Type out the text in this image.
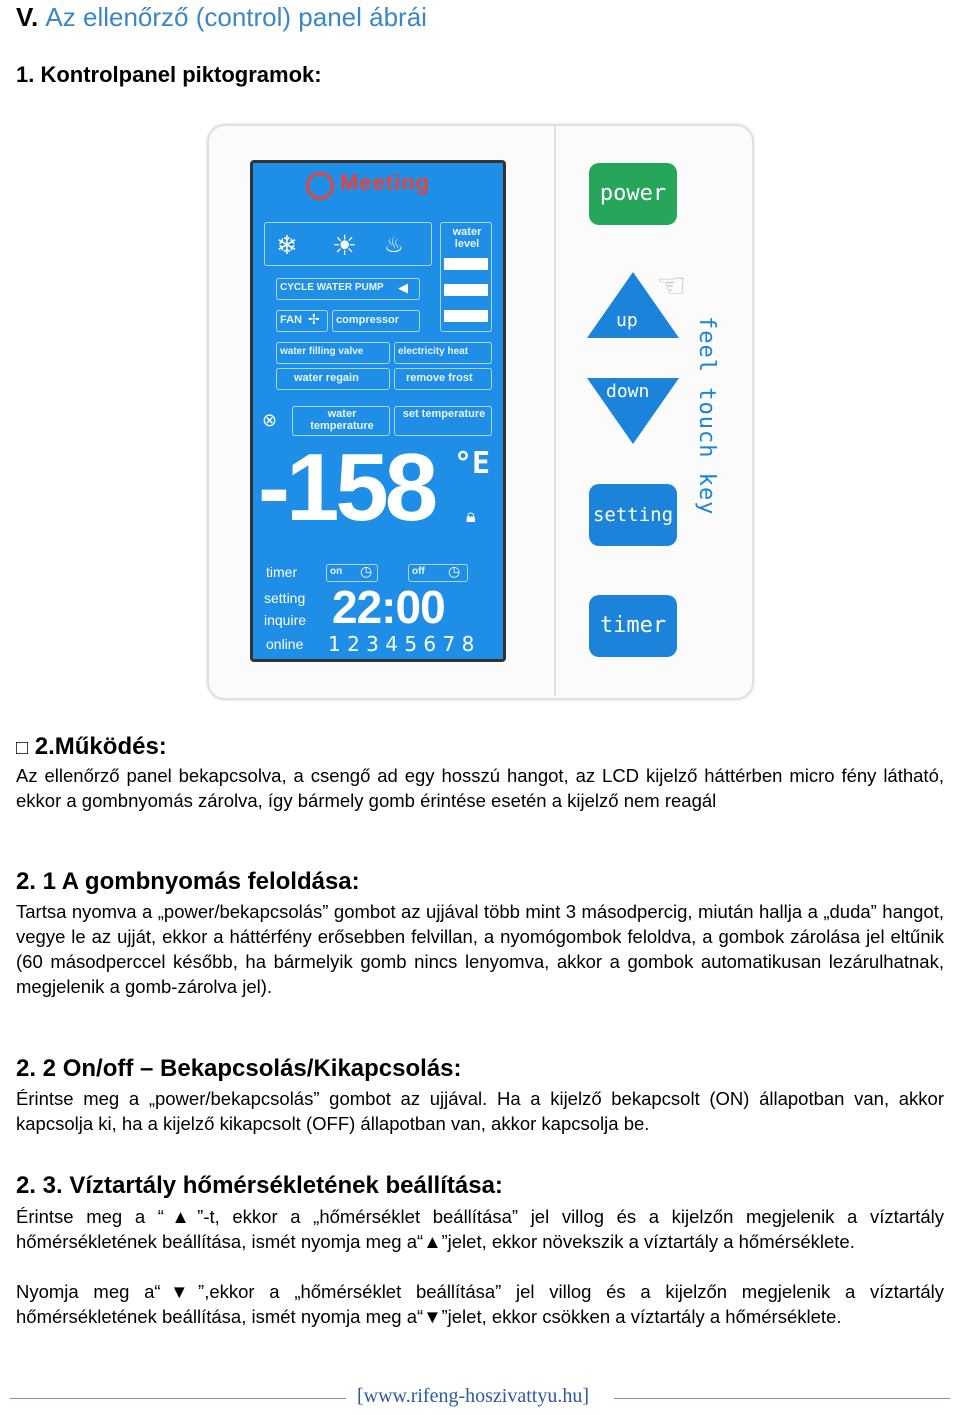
V. Az ellenőrző (control) panel ábrái
1. Kontrolpanel piktogramok:
Meeting
❄ ☀ ♨	water level
CYCLE WATER PUMP ◀
FAN ✢ compressor
water filling valve	electricity heat
water regain	remove frost
⊗	water temperature
set temperature
-158 °E
🔒︎
timer	on ◷	off ◷
setting
inquire
online
22:00
1 2 3 4 5 6 7 8
power
up
down
☜
setting
timer
feel touch key
□ 2.Működés:
Az ellenőrző panel bekapcsolva, a csengő ad egy hosszú hangot, az LCD kijelző háttérben micro fény látható, ekkor a gombnyomás zárolva, így bármely gomb érintése esetén a kijelző nem reagál
2. 1 A gombnyomás feloldása:
Tartsa nyomva a „power/bekapcsolás” gombot az ujjával több mint 3 másodpercig, miután hallja a „duda” hangot, vegye le az ujját, ekkor a háttérfény erősebben felvillan, a nyomógombok feloldva, a gombok zárolása jel eltűnik (60 másodperccel később, ha bármelyik gomb nincs lenyomva, akkor a gombok automatikusan lezárulhatnak, megjelenik a gomb-zárolva jel).
2. 2 On/off – Bekapcsolás/Kikapcsolás:
Érintse meg a „power/bekapcsolás” gombot az ujjával. Ha a kijelző bekapcsolt (ON) állapotban van, akkor kapcsolja ki, ha a kijelző kikapcsolt (OFF) állapotban van, akkor kapcsolja be.
2. 3. Víztartály hőmérsékletének beállítása:
Érintse meg a “▲”-t, ekkor a „hőmérséklet beállítása” jel villog és a kijelzőn megjelenik a víztartály hőmérsékletének beállítása, ismét nyomja meg a“▲”jelet, ekkor növekszik a víztartály a hőmérséklete.
Nyomja meg a“▼”,ekkor a „hőmérséklet beállítása” jel villog és a kijelzőn megjelenik a víztartály hőmérsékletének beállítása, ismét nyomja meg a“▼”jelet, ekkor csökken a víztartály a hőmérséklete.
[www.rifeng-hoszivattyu.hu]
